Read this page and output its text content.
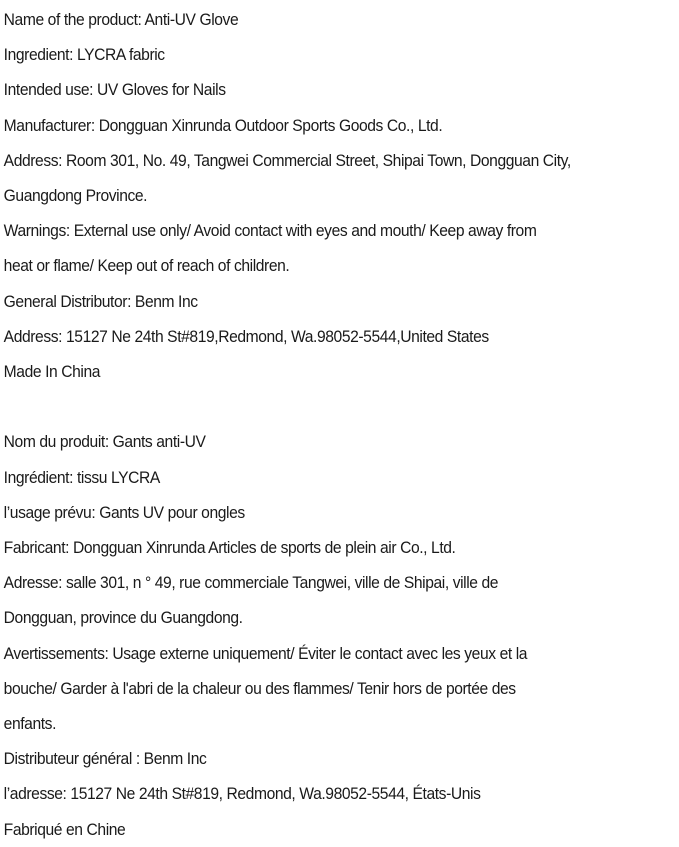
Name of the product: Anti-UV Glove
Ingredient: LYCRA fabric
Intended use: UV Gloves for Nails
Manufacturer: Dongguan Xinrunda Outdoor Sports Goods Co., Ltd.
Address: Room 301, No. 49, Tangwei Commercial Street, Shipai Town, Dongguan City,
Guangdong Province.
Warnings: External use only/ Avoid contact with eyes and mouth/ Keep away from
heat or flame/ Keep out of reach of children.
General Distributor: Benm Inc
Address: 15127 Ne 24th St#819,Redmond, Wa.98052-5544,United States
Made In China
Nom du produit: Gants anti-UV
Ingrédient: tissu LYCRA
l’usage prévu: Gants UV pour ongles
Fabricant: Dongguan Xinrunda Articles de sports de plein air Co., Ltd.
Adresse: salle 301, n ° 49, rue commerciale Tangwei, ville de Shipai, ville de
Dongguan, province du Guangdong.
Avertissements: Usage externe uniquement/ Éviter le contact avec les yeux et la
bouche/ Garder à l'abri de la chaleur ou des flammes/ Tenir hors de portée des
enfants.
Distributeur général : Benm Inc
l’adresse: 15127 Ne 24th St#819, Redmond, Wa.98052-5544, États-Unis
Fabriqué en Chine
